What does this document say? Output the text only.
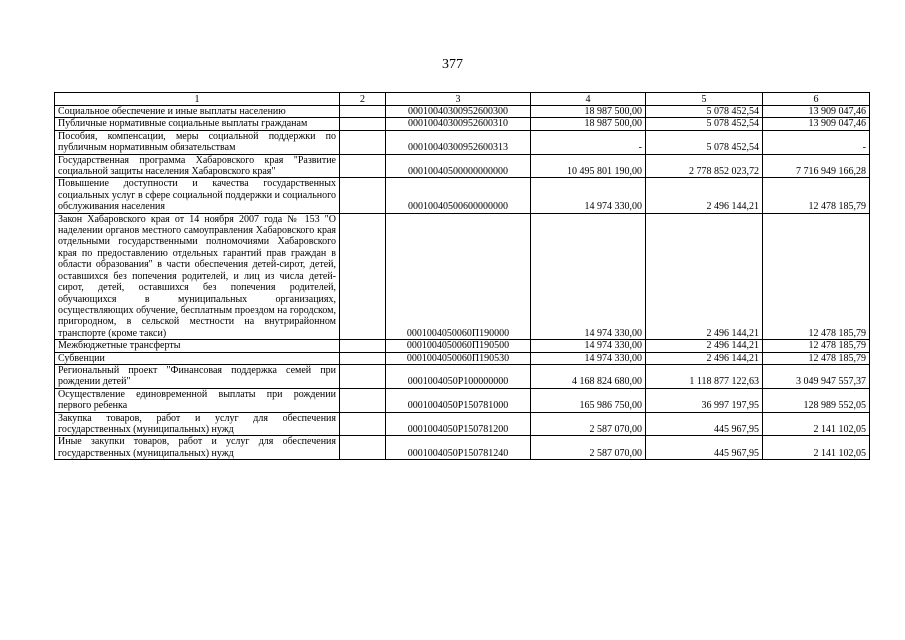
377
1	2	3	4	5	6
Социальное обеспечение и иные выплаты населению		00010040300952600300	18 987 500,00	5 078 452,54	13 909 047,46
Публичные нормативные социальные выплаты гражданам		00010040300952600310	18 987 500,00	5 078 452,54	13 909 047,46
Пособия, компенсации, меры социальной поддержки по публичным нормативным обязательствам		00010040300952600313	-	5 078 452,54	-
Государственная программа Хабаровского края "Развитие социальной защиты населения Хабаровского края"		00010040500000000000	10 495 801 190,00	2 778 852 023,72	7 716 949 166,28
Повышение доступности и качества государственных социальных услуг в сфере социальной поддержки и социального обслуживания населения		00010040500600000000	14 974 330,00	2 496 144,21	12 478 185,79
Закон Хабаровского края от 14 ноября 2007 года № 153 "О наделении органов местного самоуправления Хабаровского края отдельными государственными полномочиями Хабаровского края по предоставлению отдельных гарантий прав граждан в области образования" в части обеспечения детей-сирот, детей, оставшихся без попечения родителей, и лиц из числа детей-сирот, детей, оставшихся без попечения родителей, обучающихся в муниципальных организациях, осуществляющих обучение, бесплатным проездом на городском, пригородном, в сельской местности на внутрирайонном транспорте (кроме такси)		0001004050060П190000	14 974 330,00	2 496 144,21	12 478 185,79
Межбюджетные трансферты		0001004050060П190500	14 974 330,00	2 496 144,21	12 478 185,79
Субвенции		0001004050060П190530	14 974 330,00	2 496 144,21	12 478 185,79
Региональный проект "Финансовая поддержка семей при рождении детей"		0001004050P100000000	4 168 824 680,00	1 118 877 122,63	3 049 947 557,37
Осуществление единовременной выплаты при рождении первого ребенка		0001004050P150781000	165 986 750,00	36 997 197,95	128 989 552,05
Закупка товаров, работ и услуг для обеспечения государственных (муниципальных) нужд		0001004050P150781200	2 587 070,00	445 967,95	2 141 102,05
Иные закупки товаров, работ и услуг для обеспечения государственных (муниципальных) нужд		0001004050P150781240	2 587 070,00	445 967,95	2 141 102,05
